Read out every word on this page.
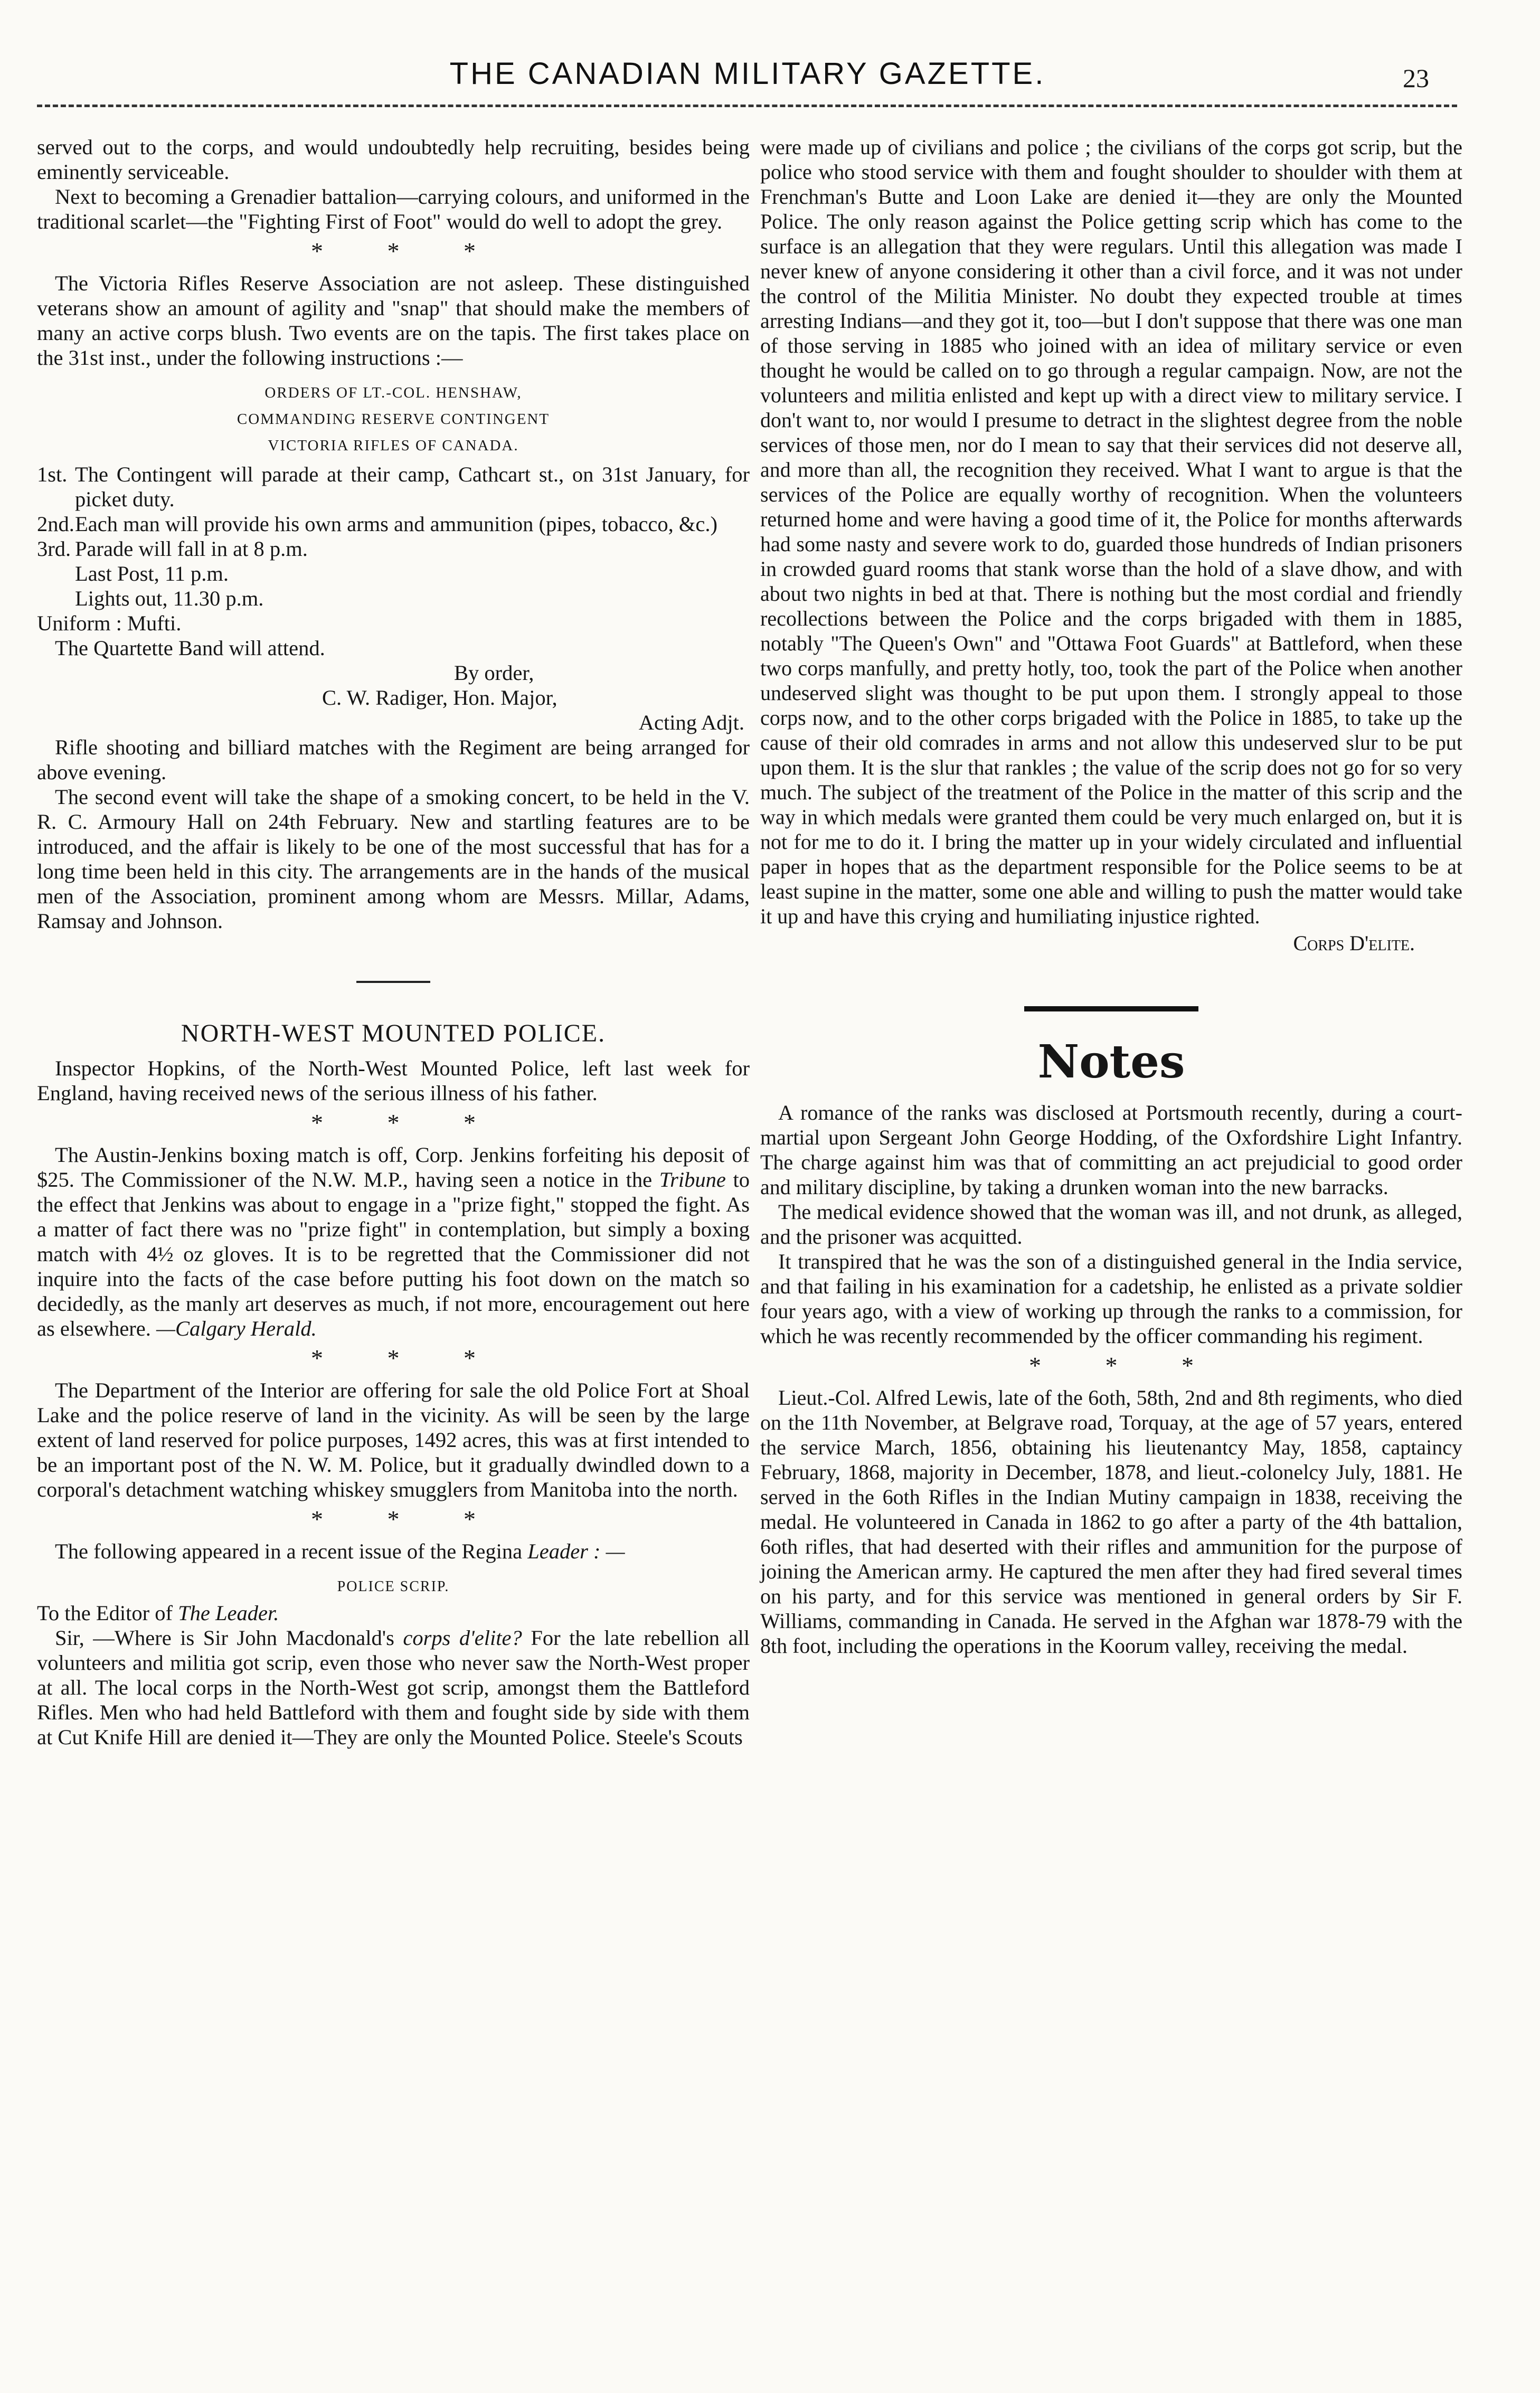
THE CANADIAN MILITARY GAZETTE.	23

served out to the corps, and would undoubtedly help recruiting, besides being eminently serviceable.

Next to becoming a Grenadier battalion—carrying colours, and uniformed in the traditional scarlet—the "Fighting First of Foot" would do well to adopt the grey.

* * *

The Victoria Rifles Reserve Association are not asleep. These distinguished veterans show an amount of agility and "snap" that should make the members of many an active corps blush. Two events are on the tapis. The first takes place on the 31st inst., under the following instructions :—

ORDERS OF LT.-COL. HENSHAW,
COMMANDING RESERVE CONTINGENT
VICTORIA RIFLES OF CANADA.
1st. The Contingent will parade at their camp, Cathcart st., on 31st January, for picket duty.
2nd. Each man will provide his own arms and ammunition (pipes, tobacco, &c.)
3rd. Parade will fall in at 8 p.m.
Last Post, 11 p.m.
Lights out, 11.30 p.m.

Uniform : Mufti.

The Quartette Band will attend.

By order,
C. W. Radiger, Hon. Major,
Acting Adjt.

Rifle shooting and billiard matches with the Regiment are being arranged for above evening.

The second event will take the shape of a smoking concert, to be held in the V. R. C. Armoury Hall on 24th February. New and startling features are to be introduced, and the affair is likely to be one of the most successful that has for a long time been held in this city. The arrangements are in the hands of the musical men of the Association, prominent among whom are Messrs. Millar, Adams, Ramsay and Johnson.

NORTH-WEST MOUNTED POLICE.

Inspector Hopkins, of the North-West Mounted Police, left last week for England, having received news of the serious illness of his father.

* * *

The Austin-Jenkins boxing match is off, Corp. Jenkins forfeiting his deposit of $25. The Commissioner of the N.W. M.P., having seen a notice in the Tribune to the effect that Jenkins was about to engage in a "prize fight," stopped the fight. As a matter of fact there was no "prize fight" in contemplation, but simply a boxing match with 4½ oz gloves. It is to be regretted that the Commissioner did not inquire into the facts of the case before putting his foot down on the match so decidedly, as the manly art deserves as much, if not more, encouragement out here as elsewhere. —Calgary Herald.

* * *

The Department of the Interior are offering for sale the old Police Fort at Shoal Lake and the police reserve of land in the vicinity. As will be seen by the large extent of land reserved for police purposes, 1492 acres, this was at first intended to be an important post of the N. W. M. Police, but it gradually dwindled down to a corporal's detachment watching whiskey smugglers from Manitoba into the north.

* * *

The following appeared in a recent issue of the Regina Leader : —

POLICE SCRIP.

To the Editor of The Leader.

Sir, —Where is Sir John Macdonald's corps d'elite? For the late rebellion all volunteers and militia got scrip, even those who never saw the North-West proper at all. The local corps in the North-West got scrip, amongst them the Battleford Rifles. Men who had held Battleford with them and fought side by side with them at Cut Knife Hill are denied it—They are only the Mounted Police. Steele's Scouts

were made up of civilians and police ; the civilians of the corps got scrip, but the police who stood service with them and fought shoulder to shoulder with them at Frenchman's Butte and Loon Lake are denied it—they are only the Mounted Police. The only reason against the Police getting scrip which has come to the surface is an allegation that they were regulars. Until this allegation was made I never knew of anyone considering it other than a civil force, and it was not under the control of the Militia Minister. No doubt they expected trouble at times arresting Indians—and they got it, too—but I don't suppose that there was one man of those serving in 1885 who joined with an idea of military service or even thought he would be called on to go through a regular campaign. Now, are not the volunteers and militia enlisted and kept up with a direct view to military service. I don't want to, nor would I presume to detract in the slightest degree from the noble services of those men, nor do I mean to say that their services did not deserve all, and more than all, the recognition they received. What I want to argue is that the services of the Police are equally worthy of recognition. When the volunteers returned home and were having a good time of it, the Police for months afterwards had some nasty and severe work to do, guarded those hundreds of Indian prisoners in crowded guard rooms that stank worse than the hold of a slave dhow, and with about two nights in bed at that. There is nothing but the most cordial and friendly recollections between the Police and the corps brigaded with them in 1885, notably "The Queen's Own" and "Ottawa Foot Guards" at Battleford, when these two corps manfully, and pretty hotly, too, took the part of the Police when another undeserved slight was thought to be put upon them. I strongly appeal to those corps now, and to the other corps brigaded with the Police in 1885, to take up the cause of their old comrades in arms and not allow this undeserved slur to be put upon them. It is the slur that rankles ; the value of the scrip does not go for so very much. The subject of the treatment of the Police in the matter of this scrip and the way in which medals were granted them could be very much enlarged on, but it is not for me to do it. I bring the matter up in your widely circulated and influential paper in hopes that as the department responsible for the Police seems to be at least supine in the matter, some one able and willing to push the matter would take it up and have this crying and humiliating injustice righted.

Corps D'elite.
Notes

A romance of the ranks was disclosed at Portsmouth recently, during a court-martial upon Sergeant John George Hodding, of the Oxfordshire Light Infantry. The charge against him was that of committing an act prejudicial to good order and military discipline, by taking a drunken woman into the new barracks.

The medical evidence showed that the woman was ill, and not drunk, as alleged, and the prisoner was acquitted.

It transpired that he was the son of a distinguished general in the India service, and that failing in his examination for a cadetship, he enlisted as a private soldier four years ago, with a view of working up through the ranks to a commission, for which he was recently recommended by the officer commanding his regiment.

* * *

Lieut.-Col. Alfred Lewis, late of the 6oth, 58th, 2nd and 8th regiments, who died on the 11th November, at Belgrave road, Torquay, at the age of 57 years, entered the service March, 1856, obtaining his lieutenantcy May, 1858, captaincy February, 1868, majority in December, 1878, and lieut.-colonelcy July, 1881. He served in the 6oth Rifles in the Indian Mutiny campaign in 1838, receiving the medal. He volunteered in Canada in 1862 to go after a party of the 4th battalion, 6oth rifles, that had deserted with their rifles and ammunition for the purpose of joining the American army. He captured the men after they had fired several times on his party, and for this service was mentioned in general orders by Sir F. Williams, commanding in Canada. He served in the Afghan war 1878-79 with the 8th foot, including the operations in the Koorum valley, receiving the medal.
